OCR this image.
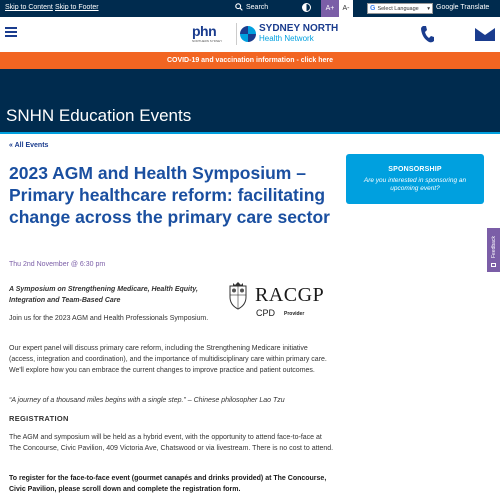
Skip to Content Skip to Footer	Search	A+	A-	G Select Language ▾ Google Translate
phn
NORTHERN SYDNEY
SYDNEY NORTH
Health Network
COVID-19 and vaccination information - click here
SNHN Education Events
« All Events
2023 AGM and Health Symposium – Primary healthcare reform: facilitating change across the primary care sector
Thu 2nd November @ 6:30 pm
A Symposium on Strengthening Medicare, Health Equity, Integration and Team-Based Care
Join us for the 2023 AGM and Health Professionals Symposium.
RACGP
CPD Provider
Our expert panel will discuss primary care reform, including the Strengthening Medicare initiative (access, integration and coordination), and the importance of multidisciplinary care within primary care. We'll explore how you can embrace the current changes to improve practice and patient outcomes.
“A journey of a thousand miles begins with a single step.” – Chinese philosopher Lao Tzu
REGISTRATION
The AGM and symposium will be held as a hybrid event, with the opportunity to attend face-to-face at The Concourse, Civic Pavilion, 409 Victoria Ave, Chatswood or via livestream. There is no cost to attend.
To register for the face-to-face event (gourmet canapés and drinks provided) at The Concourse, Civic Pavilion, please scroll down and complete the registration form.
SPONSORSHIP
Are you interested in sponsoring an upcoming event?
Feedback
